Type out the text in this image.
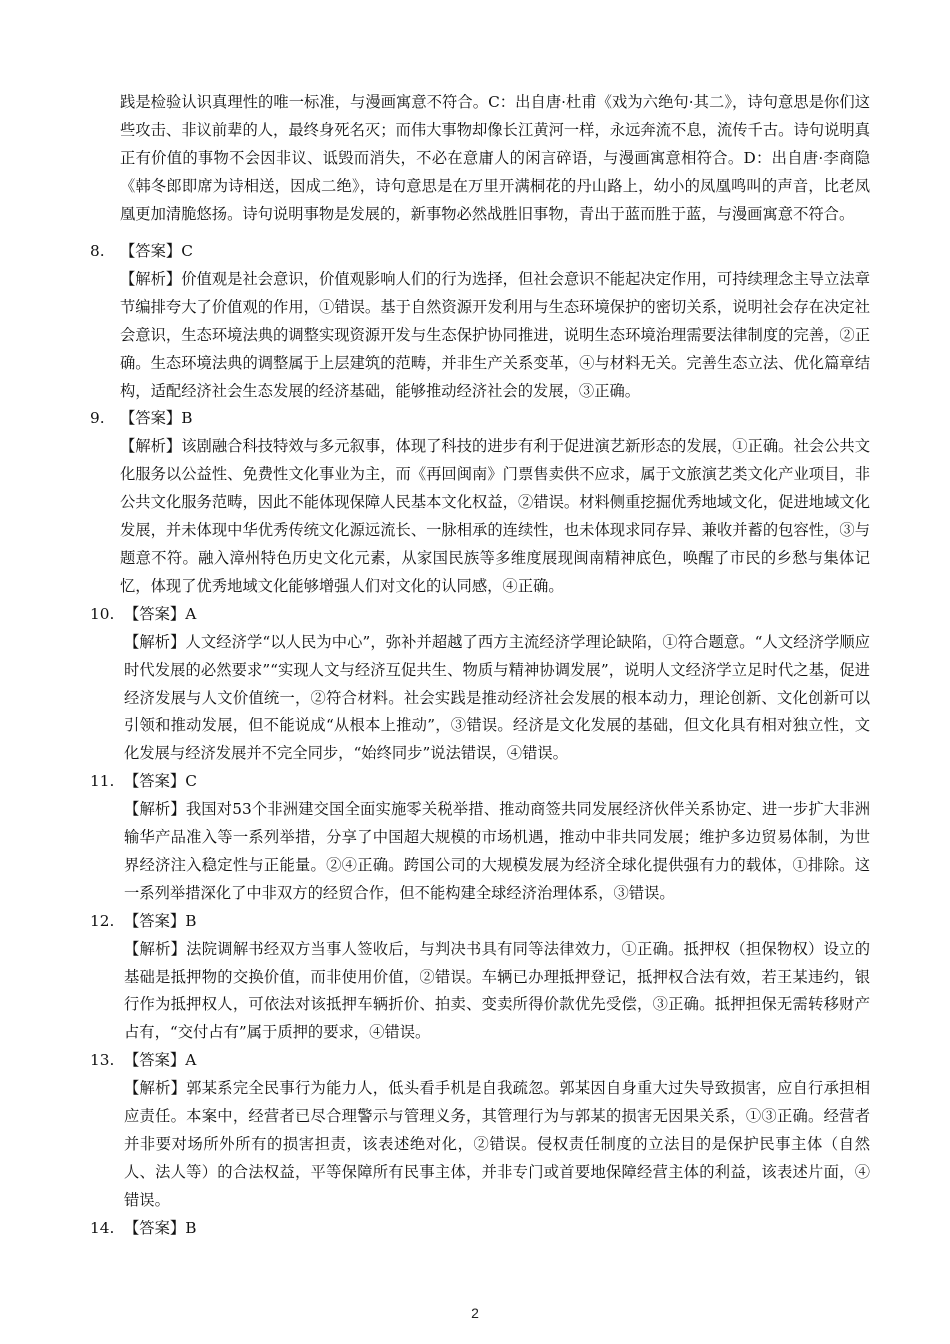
践是检验认识真理性的唯一标准，与漫画寓意不符合。C：出自唐·杜甫《戏为六绝句·其二》，诗句意思是你们这些攻击、非议前辈的人，最终身死名灭；而伟大事物却像长江黄河一样，永远奔流不息，流传千古。诗句说明真正有价值的事物不会因非议、诋毁而消失，不必在意庸人的闲言碎语，与漫画寓意相符合。D：出自唐·李商隐《韩冬郎即席为诗相送，因成二绝》，诗句意思是在万里开满桐花的丹山路上，幼小的凤凰鸣叫的声音，比老凤凰更加清脆悠扬。诗句说明事物是发展的，新事物必然战胜旧事物，青出于蓝而胜于蓝，与漫画寓意不符合。
8. 【答案】C
【解析】价值观是社会意识，价值观影响人们的行为选择，但社会意识不能起决定作用，可持续理念主导立法章节编排夸大了价值观的作用，①错误。基于自然资源开发利用与生态环境保护的密切关系，说明社会存在决定社会意识，生态环境法典的调整实现资源开发与生态保护协同推进，说明生态环境治理需要法律制度的完善，②正确。生态环境法典的调整属于上层建筑的范畴，并非生产关系变革，④与材料无关。完善生态立法、优化篇章结构，适配经济社会生态发展的经济基础，能够推动经济社会的发展，③正确。
9. 【答案】B
【解析】该剧融合科技特效与多元叙事，体现了科技的进步有利于促进演艺新形态的发展，①正确。社会公共文化服务以公益性、免费性文化事业为主，而《再回闽南》门票售卖供不应求，属于文旅演艺类文化产业项目，非公共文化服务范畴，因此不能体现保障人民基本文化权益，②错误。材料侧重挖掘优秀地域文化，促进地域文化发展，并未体现中华优秀传统文化源远流长、一脉相承的连续性，也未体现求同存异、兼收并蓄的包容性，③与题意不符。融入漳州特色历史文化元素，从家国民族等多维度展现闽南精神底色，唤醒了市民的乡愁与集体记忆，体现了优秀地域文化能够增强人们对文化的认同感，④正确。
10. 【答案】A
【解析】人文经济学“以人民为中心”，弥补并超越了西方主流经济学理论缺陷，①符合题意。“人文经济学顺应时代发展的必然要求”“实现人文与经济互促共生、物质与精神协调发展”，说明人文经济学立足时代之基，促进经济发展与人文价值统一，②符合材料。社会实践是推动经济社会发展的根本动力，理论创新、文化创新可以引领和推动发展，但不能说成“从根本上推动”，③错误。经济是文化发展的基础，但文化具有相对独立性，文化发展与经济发展并不完全同步，“始终同步”说法错误，④错误。
11. 【答案】C
【解析】我国对53个非洲建交国全面实施零关税举措、推动商签共同发展经济伙伴关系协定、进一步扩大非洲输华产品准入等一系列举措，分享了中国超大规模的市场机遇，推动中非共同发展；维护多边贸易体制，为世界经济注入稳定性与正能量。②④正确。跨国公司的大规模发展为经济全球化提供强有力的载体，①排除。这一系列举措深化了中非双方的经贸合作，但不能构建全球经济治理体系，③错误。
12. 【答案】B
【解析】法院调解书经双方当事人签收后，与判决书具有同等法律效力，①正确。抵押权（担保物权）设立的基础是抵押物的交换价值，而非使用价值，②错误。车辆已办理抵押登记，抵押权合法有效，若王某违约，银行作为抵押权人，可依法对该抵押车辆折价、拍卖、变卖所得价款优先受偿，③正确。抵押担保无需转移财产占有，“交付占有”属于质押的要求，④错误。
13. 【答案】A
【解析】郭某系完全民事行为能力人，低头看手机是自我疏忽。郭某因自身重大过失导致损害，应自行承担相应责任。本案中，经营者已尽合理警示与管理义务，其管理行为与郭某的损害无因果关系，①③正确。经营者并非要对场所外所有的损害担责，该表述绝对化，②错误。侵权责任制度的立法目的是保护民事主体（自然人、法人等）的合法权益，平等保障所有民事主体，并非专门或首要地保障经营主体的利益，该表述片面，④错误。
14. 【答案】B
2
